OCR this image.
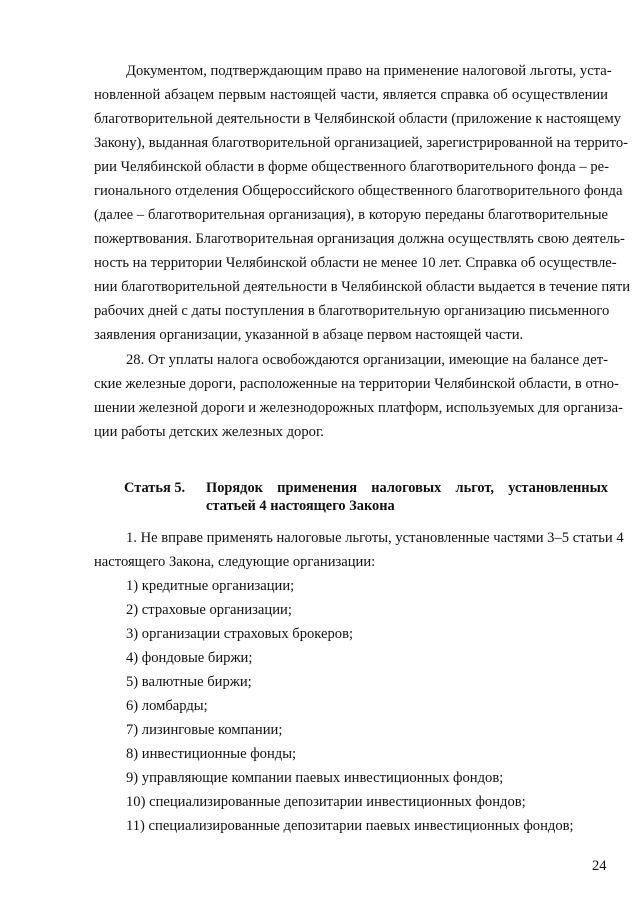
Документом, подтверждающим право на применение налоговой льготы, уста-
новленной абзацем первым настоящей части, является справка об осуществлении
благотворительной деятельности в Челябинской области (приложение к настоящему
Закону), выданная благотворительной организацией, зарегистрированной на террито-
рии Челябинской области в форме общественного благотворительного фонда – ре-
гионального отделения Общероссийского общественного благотворительного фонда
(далее – благотворительная организация), в которую переданы благотворительные
пожертвования. Благотворительная организация должна осуществлять свою деятель-
ность на территории Челябинской области не менее 10 лет. Справка об осуществле-
нии благотворительной деятельности в Челябинской области выдается в течение пяти
рабочих дней с даты поступления в благотворительную организацию письменного
заявления организации, указанной в абзаце первом настоящей части.
28. От уплаты налога освобождаются организации, имеющие на балансе дет-
ские железные дороги, расположенные на территории Челябинской области, в отно-
шении железной дороги и железнодорожных платформ, используемых для организа-
ции работы детских железных дорог.
Статья 5. Порядок применения налоговых льгот, установленных
статьей 4 настоящего Закона
1. Не вправе применять налоговые льготы, установленные частями 3–5 статьи 4
настоящего Закона, следующие организации:
1) кредитные организации;
2) страховые организации;
3) организации страховых брокеров;
4) фондовые биржи;
5) валютные биржи;
6) ломбарды;
7) лизинговые компании;
8) инвестиционные фонды;
9) управляющие компании паевых инвестиционных фондов;
10) специализированные депозитарии инвестиционных фондов;
11) специализированные депозитарии паевых инвестиционных фондов;
24
